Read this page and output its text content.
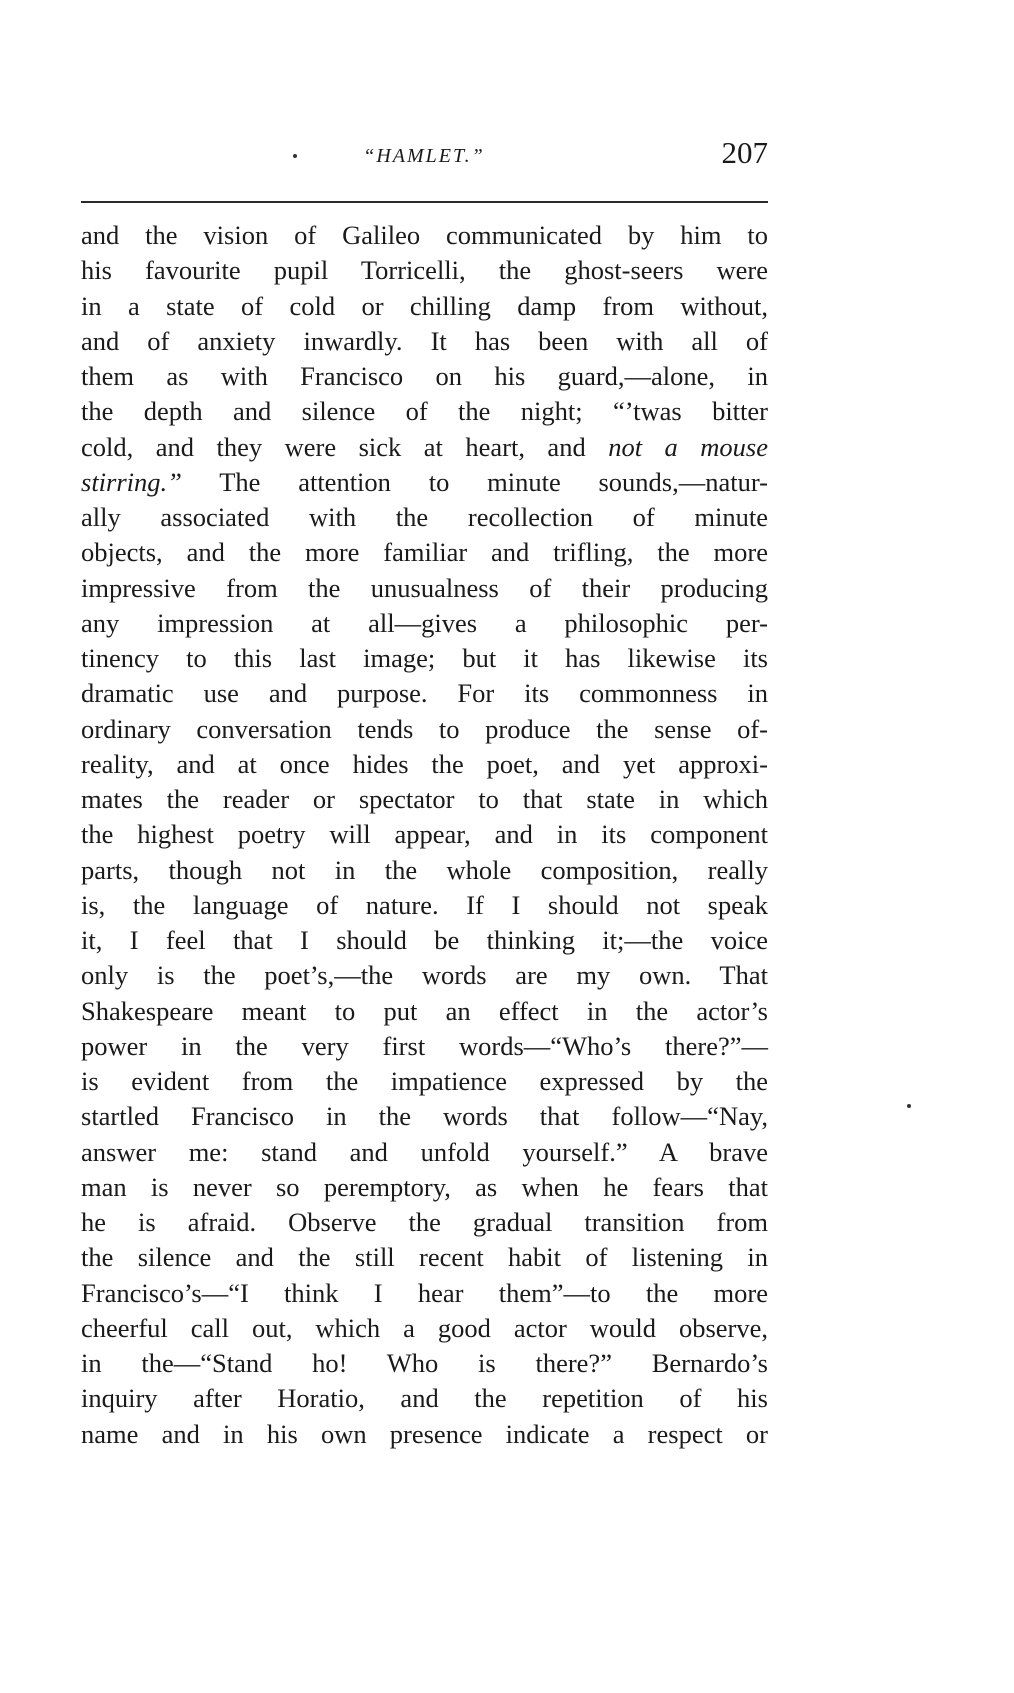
“HAMLET.”	207
and the vision of Galileo communicated by him to
his favourite pupil Torricelli, the ghost-seers were
in a state of cold or chilling damp from without,
and of anxiety inwardly. It has been with all of
them as with Francisco on his guard,—alone, in
the depth and silence of the night; “’twas bitter
cold, and they were sick at heart, and not a mouse
stirring.” The attention to minute sounds,—natur-
ally associated with the recollection of minute
objects, and the more familiar and trifling, the more
impressive from the unusualness of their producing
any impression at all—gives a philosophic per-
tinency to this last image; but it has likewise its
dramatic use and purpose. For its commonness in
ordinary conversation tends to produce the sense of-
reality, and at once hides the poet, and yet approxi-
mates the reader or spectator to that state in which
the highest poetry will appear, and in its component
parts, though not in the whole composition, really
is, the language of nature. If I should not speak
it, I feel that I should be thinking it;—the voice
only is the poet’s,—the words are my own. That
Shakespeare meant to put an effect in the actor’s
power in the very first words—“Who’s there?”—
is evident from the impatience expressed by the
startled Francisco in the words that follow—“Nay,
answer me: stand and unfold yourself.” A brave
man is never so peremptory, as when he fears that
he is afraid. Observe the gradual transition from
the silence and the still recent habit of listening in
Francisco’s—“I think I hear them”—to the more
cheerful call out, which a good actor would observe,
in the—“Stand ho! Who is there?” Bernardo’s
inquiry after Horatio, and the repetition of his
name and in his own presence indicate a respect or
